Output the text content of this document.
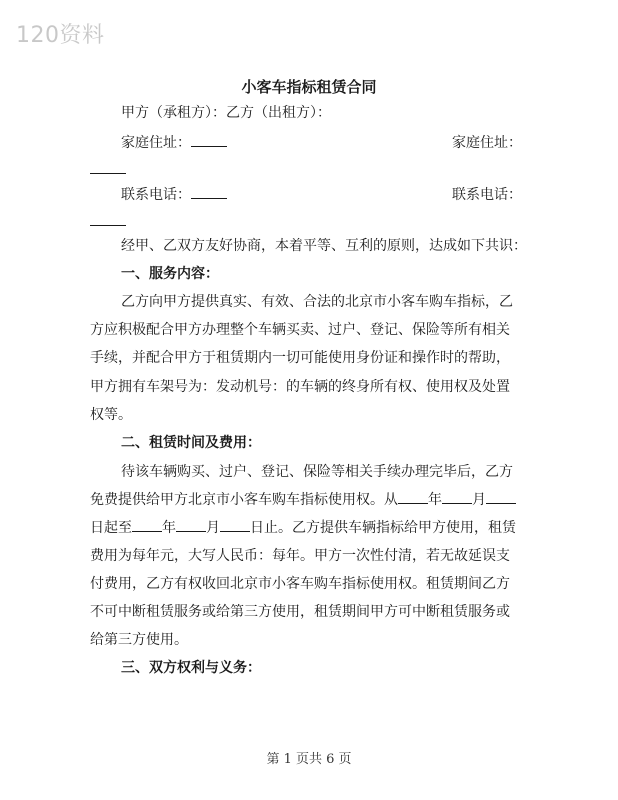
120资料
小客车指标租赁合同
甲方（承租方）：乙方（出租方）：
家庭住址：	家庭住址：
联系电话：	联系电话：
经甲、乙双方友好协商，本着平等、互利的原则，达成如下共识：
一、服务内容：
乙方向甲方提供真实、有效、合法的北京市小客车购车指标，乙
方应积极配合甲方办理整个车辆买卖、过户、登记、保险等所有相关
手续，并配合甲方于租赁期内一切可能使用身份证和操作时的帮助，
甲方拥有车架号为：发动机号：的车辆的终身所有权、使用权及处置
权等。
二、租赁时间及费用：
待该车辆购买、过户、登记、保险等相关手续办理完毕后，乙方
免费提供给甲方北京市小客车购车指标使用权。从 年 月
日起至 年 月 日止。乙方提供车辆指标给甲方使用，租赁
费用为每年元，大写人民币：每年。甲方一次性付清，若无故延误支
付费用，乙方有权收回北京市小客车购车指标使用权。租赁期间乙方
不可中断租赁服务或给第三方使用，租赁期间甲方可中断租赁服务或
给第三方使用。
三、双方权利与义务：
第 1 页共 6 页
